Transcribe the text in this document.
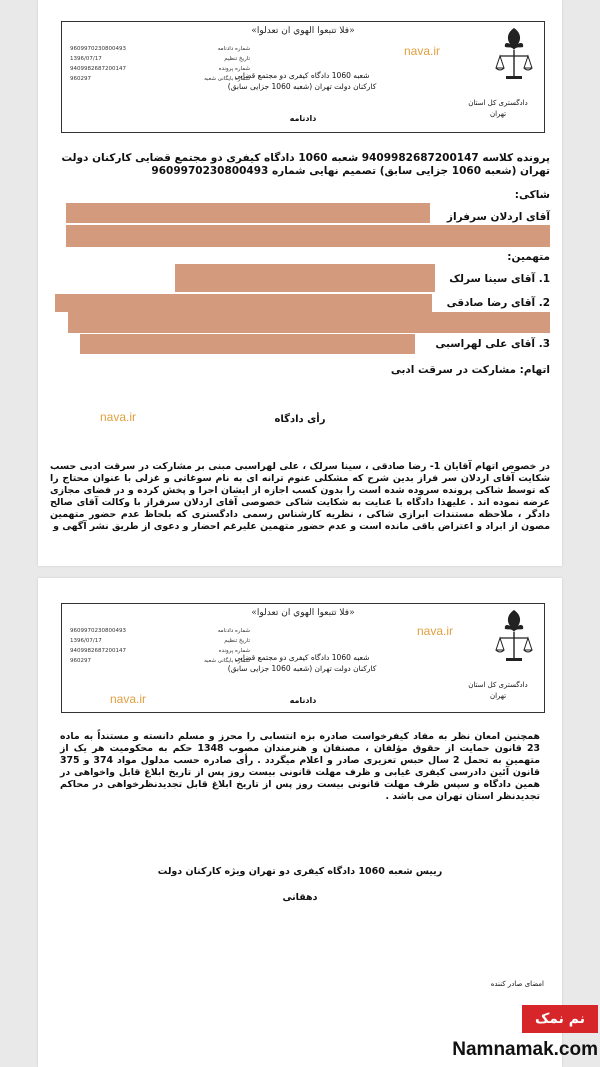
«فلا تتبعوا الهوي ان تعدلوا»
9609970230800493	شماره دادنامه
1396/07/17	تاریخ تنظیم
9409982687200147	شماره پرونده
960297	شماره بایگانی شعبه
شعبه 1060 دادگاه کیفری دو مجتمع قضایی
کارکنان دولت تهران (شعبه 1060 جزایی سابق)
دادنامه
nava.ir
دادگستری کل استان
تهران
پرونده کلاسه 9409982687200147 شعبه 1060 دادگاه کیفری دو مجتمع قضایی کارکنان دولت تهران (شعبه 1060 جزایی سابق) تصمیم نهایی شماره 9609970230800493
شاکی:
آقای اردلان سرفراز
متهمین:
1. آقای سینا سرلک
2. آقای رضا صادقی
3. آقای علی لهراسبی
اتهام: مشارکت در سرقت ادبی
nava.ir	رأی دادگاه
در خصوص اتهام آقایان 1- رضا صادقی ، سینا سرلک ، علی لهراسبی مبنی بر مشارکت در سرقت ادبی حسب شکایت آقای اردلان سر فراز بدین شرح که مشکلی عنوم ترانه ای به نام سوغاتی و غزلی با عنوان محتاج را که توسط شاکی پرونده سروده شده است را بدون کسب اجازه از ایشان اجرا و پخش کرده و در فضای مجازی عرضه نموده اند . علیهذا دادگاه با عنایت به شکایت شاکی خصوصی آقای اردلان سرفراز با وکالت آقای صالح دادگر ، ملاحظه مستندات ابرازی شاکی ، نظریه کارشناس رسمی دادگستری که بلحاظ عدم حضور متهمین مصون از ابراد و اعتراض باقی مانده است و عدم حضور متهمین علیرغم احضار و دعوی از طریق نشر آگهی و
«فلا تتبعوا الهوي ان تعدلوا»
9609970230800493	شماره دادنامه
1396/07/17	تاریخ تنظیم
9409982687200147	شماره پرونده
960297	شماره بایگانی شعبه
شعبه 1060 دادگاه کیفری دو مجتمع قضایی
کارکنان دولت تهران (شعبه 1060 جزایی سابق)
دادنامه
nava.ir
nava.ir
دادگستری کل استان
تهران
همچنین امعان نظر به مفاد کیفرخواست صادره بزه انتسابی را محرز و مسلم دانسته و مستنداً به ماده 23 قانون حمایت از حقوق مؤلفان ، مصنفان و هنرمندان مصوب 1348 حکم به محکومیت هر یک از متهمین به تحمل 2 سال حبس تعزیری صادر و اعلام میگردد . رأی صادره حسب مدلول مواد 374 و 375 قانون آئین دادرسی کیفری غیابی و ظرف مهلت قانونی بیست روز پس از تاریخ ابلاغ قابل واخواهی در همین دادگاه و سپس ظرف مهلت قانونی بیست روز پس از تاریخ ابلاغ قابل تجدیدنظرخواهی در محاکم تجدیدنظر استان تهران می باشد .
رییس شعبه 1060 دادگاه کیفری دو تهران ویژه کارکنان دولت
دهقانی
امضای صادر کننده
نم نمک
Namnamak.com
